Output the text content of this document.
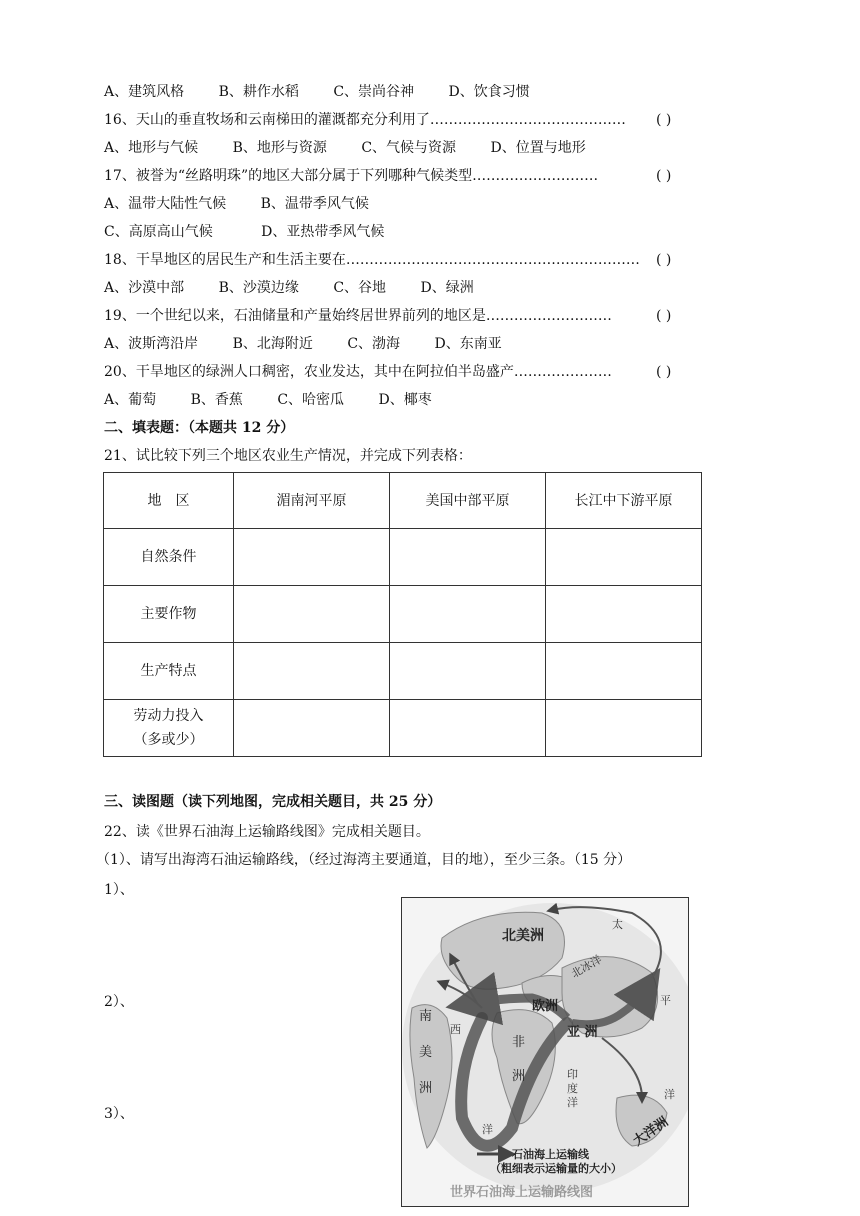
A、建筑风格 B、耕作水稻 C、崇尚谷神 D、饮食习惯
16、天山的垂直牧场和云南梯田的灌溉都充分利用了…………………………………… ( )
A、地形与气候 B、地形与资源 C、气候与资源 D、位置与地形
17、被誉为“丝路明珠”的地区大部分属于下列哪种气候类型………………………	( )
A、温带大陆性气候 B、温带季风气候
C、高原高山气候	D、亚热带季风气候
18、干旱地区的居民生产和生活主要在……………………………………………………… ( )
A、沙漠中部 B、沙漠边缘 C、谷地 D、绿洲
19、一个世纪以来，石油储量和产量始终居世界前列的地区是………………………	( )
A、波斯湾沿岸 B、北海附近 C、渤海 D、东南亚
20、干旱地区的绿洲人口稠密，农业发达，其中在阿拉伯半岛盛产…………………	( )
A、葡萄 B、香蕉 C、哈密瓜 D、椰枣
二、填表题：（本题共 12 分）
21、试比较下列三个地区农业生产情况，并完成下列表格：
地　区	湄南河平原	美国中部平原	长江中下游平原
自然条件			
主要作物			
生产特点			

劳动力投入
（多或少）			

三、读图题（读下列地图，完成相关题目，共 25 分）
22、读《世界石油海上运输路线图》完成相关题目。
（1）、请写出海湾石油运输路线，（经过海湾主要通道，目的地），至少三条。（15 分）
1）、
2）、
3）、
北美洲
北冰洋
欧洲
亚 洲
非
洲
南
美
洲
西
洋
印
度
洋
大洋洲
太
平
洋
石油海上运输线
（粗细表示运输量的大小）
世界石油海上运输路线图
